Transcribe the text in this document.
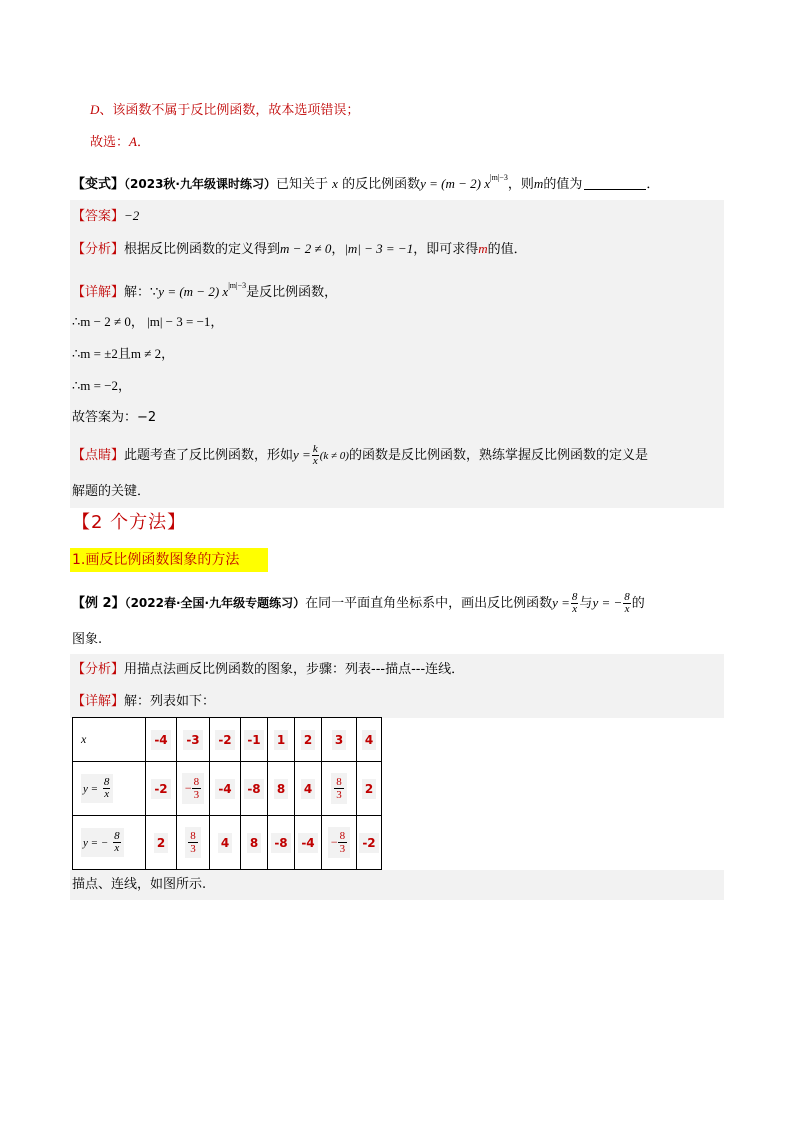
D、该函数不属于反比例函数，故本选项错误；
故选：A．
【变式】（2023秋·九年级课时练习）已知关于 x 的反比例函数y = (m − 2) $x^{|m|-3}$，则m的值为	．
【答案】−2
【分析】根据反比例函数的定义得到m − 2 ≠ 0，|m| − 3 = −1，即可求得m的值．
【详解】解：∵y = (m − 2) $x^{|m|-3}$是反比例函数，
∴m − 2 ≠ 0， |m| − 3 = −1，
∴m = ±2且m ≠ 2，
∴m = −2，
故答案为：−2
【点睛】此题考查了反比例函数，形如$y = \frac{k}{x} (k \ne 0)$的函数是反比例函数，熟练掌握反比例函数的定义是
解题的关键．
【2 个方法】
1.画反比例函数图象的方法
【例 2】（2022春·全国·九年级专题练习）在同一平面直角坐标系中，画出反比例函数$y = \frac{8}{x}$ 与y = − $\frac{8}{x}$ 的
图象.
【分析】用描点法画反比例函数的图象，步骤：列表---描点---连线．
【详解】解：列表如下：
x	-4	-3	-2	-1	1	2	3	4
$y = \frac{8}{x}$	-2	− $\frac{8}{3}$	-4	-8	8	4	$\frac{8}{3}$	2
y = − $\frac{8}{x}$	2	$\frac{8}{3}$	4	8	-8	-4	− $\frac{8}{3}$	-2
描点、连线，如图所示.
